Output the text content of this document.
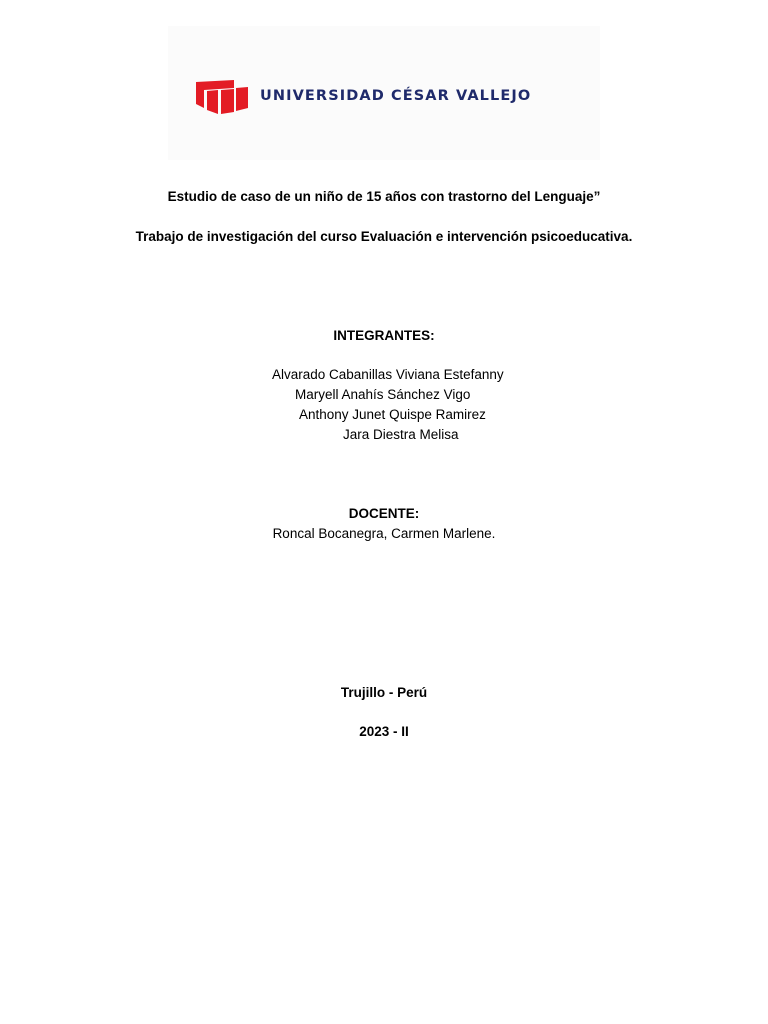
UNIVERSIDAD CÉSAR VALLEJO
Estudio de caso de un niño de 15 años con trastorno del Lenguaje”
Trabajo de investigación del curso Evaluación e intervención psicoeducativa.
INTEGRANTES:
Alvarado Cabanillas Viviana Estefanny
Maryell Anahís Sánchez Vigo
Anthony Junet Quispe Ramirez
Jara Diestra Melisa
DOCENTE:
Roncal Bocanegra, Carmen Marlene.
Trujillo - Perú
2023 - II
